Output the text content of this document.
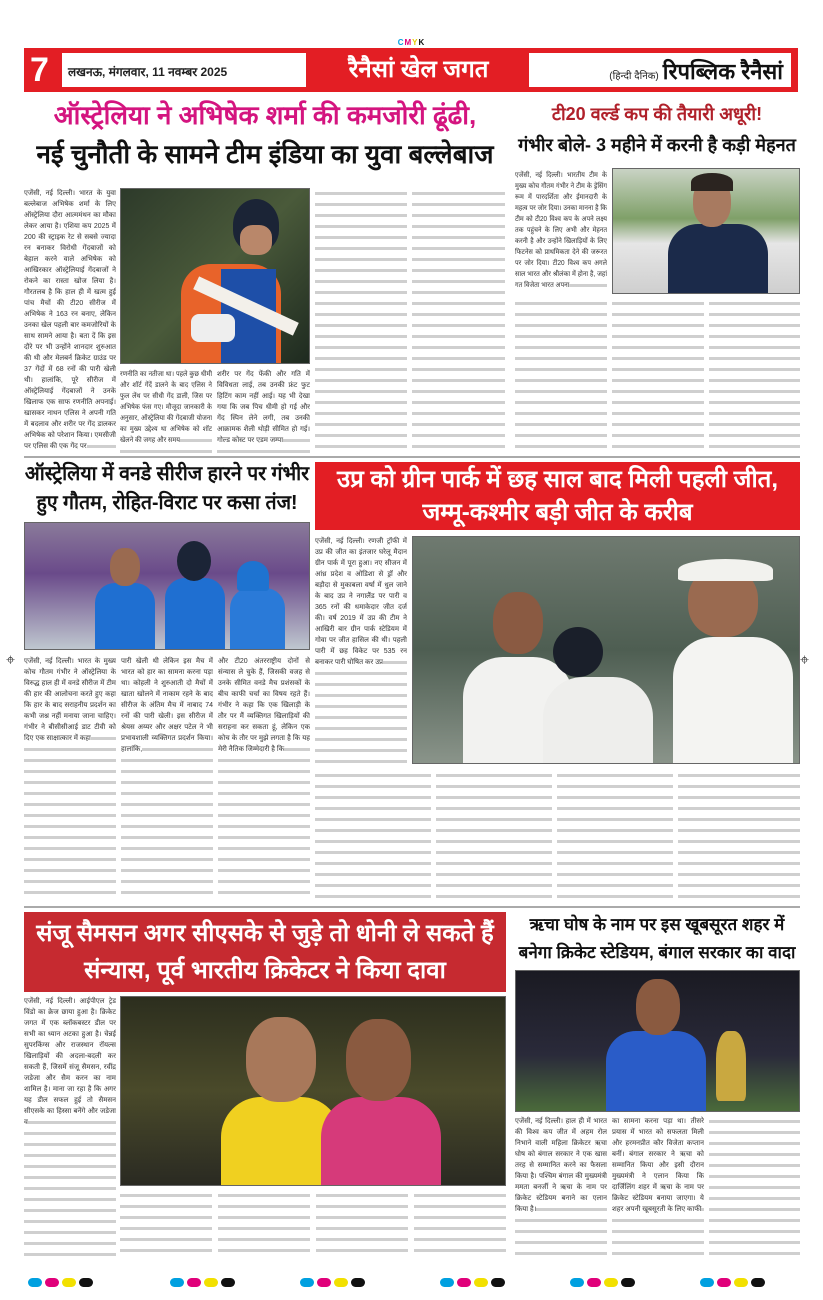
CMYK
7	लखनऊ, मंगलवार, 11 नवम्बर 2025	रैनैसां खेल जगत	(हिन्दी दैनिक) रिपब्लिक रैनैसां
ऑस्ट्रेलिया ने अभिषेक शर्मा की कमजोरी ढूंढी,
नई चुनौती के सामने टीम इंडिया का युवा बल्लेबाज
एजेंसी, नई दिल्ली। भारत के युवा बल्लेबाज अभिषेक शर्मा के लिए ऑस्ट्रेलिया दौरा आत्ममंथन का मौका लेकर आया है। एशिया कप 2025 में 200 की स्ट्राइक रेट से सबसे ज्यादा रन बनाकर विरोधी गेंदबाजों को बेहाल करने वाले अभिषेक को आखिरकार ऑस्ट्रेलियाई गेंदबाजों ने रोकने का रास्ता खोज लिया है। गौरतलब है कि हाल ही में खत्म हुई पांच मैचों की टी20 सीरीज में अभिषेक ने 163 रन बनाए, लेकिन उनका खेल पहली बार कमजोरियों के साथ सामने आया है। बता दें कि इस दौरे पर भी उन्होंने शानदार शुरुआत की थी और मेलबर्न क्रिकेट ग्राउंड पर 37 गेंदों में 68 रनों की पारी खेली थी। हालांकि, पूरे सीरीज में ऑस्ट्रेलियाई गेंदबाजों ने उनके खिलाफ एक साफ रणनीति अपनाई। खासकर नाथन एलिस ने अपनी गति में बदलाव और शरीर पर गेंद डालकर अभिषेक को परेशान किया। एमसीजी पर एलिस की एक गेंद पर
रणनीति का नतीजा था। पहले कुछ धीमी और शॉर्ट गेंदें डालने के बाद एलिस ने फुल लेंथ पर सीधी गेंद डाली, जिस पर अभिषेक फंस गए। मौजूदा जानकारी के अनुसार, ऑस्ट्रेलिया की गेंदबाजी योजना का मुख्य उद्देश्य था अभिषेक को शॉट खेलने की जगह और समय
शरीर पर गेंद फेंकी और गति में विविधता लाई, तब उनकी फ्रंट फुट हिटिंग काम नहीं आई। यह भी देखा गया कि जब पिच धीमी हो गई और गेंद स्पिन लेने लगी, तब उनकी आक्रामक शैली थोड़ी सीमित हो गई। गोल्ड कोस्ट पर एडम जम्पा
टी20 वर्ल्ड कप की तैयारी अधूरी!
गंभीर बोले- 3 महीने में करनी है कड़ी मेहनत
एजेंसी, नई दिल्ली। भारतीय टीम के मुख्य कोच गौतम गंभीर ने टीम के ड्रेसिंग रूम में पारदर्शिता और ईमानदारी के महत्व पर जोर दिया। उनका मानना है कि टीम को टी20 विश्व कप के अपने लक्ष्य तक पहुंचने के लिए अभी और मेहनत करनी है और उन्होंने खिलाड़ियों के लिए फिटनेस को प्राथमिकता देने की जरूरत पर जोर दिया। टी20 विश्व कप अगले साल भारत और श्रीलंका में होना है, जहां गत विजेता भारत अपना
ऑस्ट्रेलिया में वनडे सीरीज हारने पर गंभीर हुए गौतम, रोहित-विराट पर कसा तंज!
एजेंसी, नई दिल्ली। भारत के मुख्य कोच गौतम गंभीर ने ऑस्ट्रेलिया के विरुद्ध हाल ही में वनडे सीरीज में टीम की हार की आलोचना करते हुए कहा कि हार के बाद सराहनीय प्रदर्शन का कभी जश्न नहीं मनाया जाना चाहिए। गंभीर ने बीसीसीआई डाट टीवी को दिए एक साक्षात्कार में कहा
पारी खेली थी लेकिन इस मैच में भारत को हार का सामना करना पड़ा था। कोहली ने शुरुआती दो मैचों में खाता खोलने में नाकाम रहने के बाद सीरीज के अंतिम मैच में नाबाद 74 रनों की पारी खेली। इस सीरीज में श्रेयस अय्यर और अक्षर पटेल ने भी प्रभावशाली व्यक्तिगत प्रदर्शन किया। हालांकि,
और टी20 अंतरराष्ट्रीय दोनों से संन्यास ले चुके हैं, जिसकी वजह से उनके सीमित वनडे मैच प्रशंसकों के बीच काफी चर्चा का विषय रहते हैं। गंभीर ने कहा कि एक खिलाड़ी के तौर पर मैं व्यक्तिगत खिलाड़ियों की सराहना कर सकता हूं, लेकिन एक कोच के तौर पर मुझे लगता है कि यह मेरी नैतिक जिम्मेदारी है कि
उप्र को ग्रीन पार्क में छह साल बाद मिली पहली जीत, जम्मू-कश्मीर बड़ी जीत के करीब
एजेंसी, नई दिल्ली। रणजी ट्रॉफी में उप्र की जीत का इंतजार घरेलू मैदान ग्रीन पार्क में पूरा हुआ। नए सीजन में आंध्र प्रदेश व ओडिशा से ड्रॉ और बड़ौदा से मुकाबला वर्षा में धुल जाने के बाद उप्र ने नगालैंड पर पारी व 365 रनों की धमाकेदार जीत दर्ज की। वर्ष 2019 में उप्र की टीम ने आखिरी बार ग्रीन पार्क स्टेडियम में गोवा पर जीत हासिल की थी। पहली पारी में छह विकेट पर 535 रन बनाकर पारी घोषित कर उप्र
संजू सैमसन अगर सीएसके से जुड़े तो धोनी ले सकते हैं संन्यास, पूर्व भारतीय क्रिकेटर ने किया दावा
एजेंसी, नई दिल्ली। आईपीएल ट्रेड विंडो का क्रेज छाया हुआ है। क्रिकेट जगत में एक ब्लॉकबस्टर डील पर सभी का ध्यान अटका हुआ है। चेन्नई सुपरकिंग्स और राजस्थान रॉयल्स खिलाड़ियों की अदला-बदली कर सकती हैं, जिसमें संजू सैमसन, रवींद्र जडेजा और सैम करन का नाम शामिल है। माना जा रहा है कि अगर यह डील सफल हुई तो सैमसन सीएसके का हिस्सा बनेंगे और जडेजा व
ऋचा घोष के नाम पर इस खूबसूरत शहर में बनेगा क्रिकेट स्टेडियम, बंगाल सरकार का वादा
एजेंसी, नई दिल्ली। हाल ही में भारत की विश्व कप जीत में अहम रोल निभाने वाली महिला क्रिकेटर ऋचा घोष को बंगाल सरकार ने एक खास तरह से सम्मानित करने का फैसला किया है। पश्चिम बंगाल की मुख्यमंत्री ममता बनर्जी ने ऋचा के नाम पर क्रिकेट स्टेडियम बनाने का एलान किया है।
का सामना करना पड़ा था। तीसरे प्रयास में भारत को सफलता मिली और हरमनप्रीत कौर विजेता कप्तान बनीं। बंगाल सरकार ने ऋचा को सम्मानित किया और इसी दौरान मुख्यमंत्री ने एलान किया कि दार्जिलिंग शहर में ऋचा के नाम पर क्रिकेट स्टेडियम बनाया जाएगा। ये शहर अपनी खूबसूरती के लिए काफी
⌖	⌖
